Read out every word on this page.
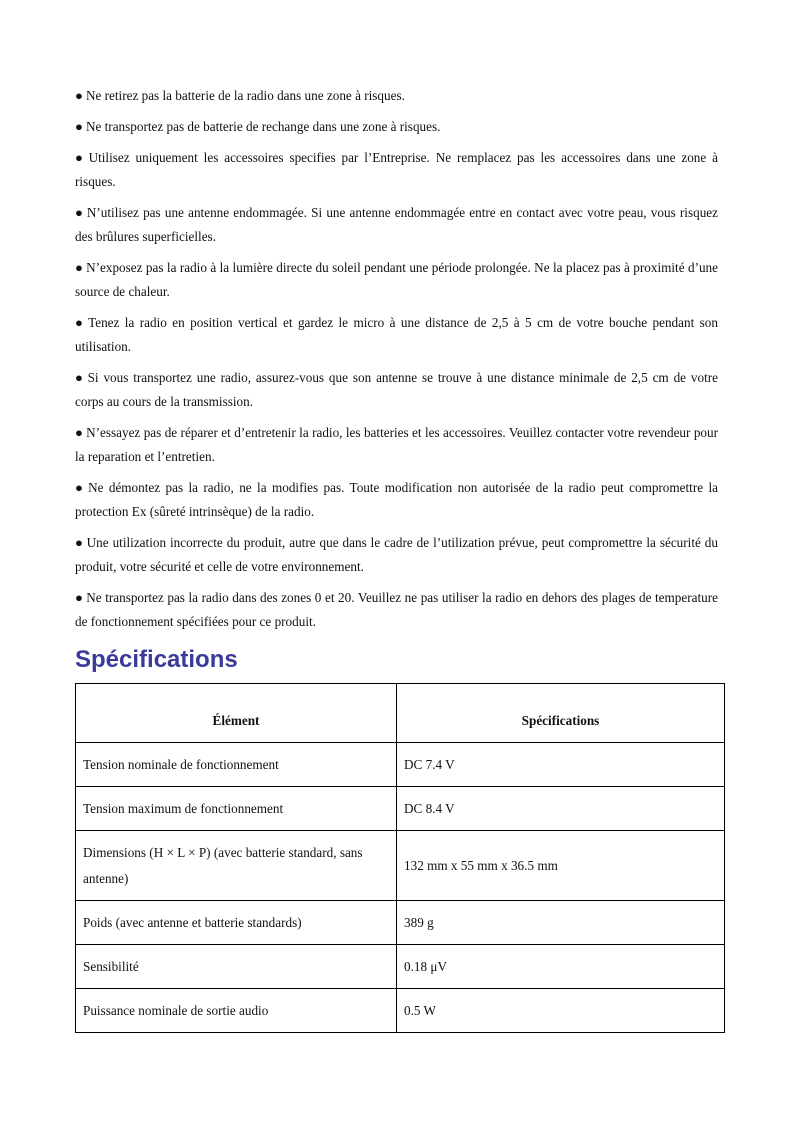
● Ne retirez pas la batterie de la radio dans une zone à risques.

● Ne transportez pas de batterie de rechange dans une zone à risques.

● Utilisez uniquement les accessoires specifies par l’Entreprise. Ne remplacez pas les accessoires dans une zone à risques.

● N’utilisez pas une antenne endommagée. Si une antenne endommagée entre en contact avec votre peau, vous risquez des brûlures superficielles.

● N’exposez pas la radio à la lumière directe du soleil pendant une période prolongée. Ne la placez pas à proximité d’une source de chaleur.

● Tenez la radio en position vertical et gardez le micro à une distance de 2,5 à 5 cm de votre bouche pendant son utilisation.

● Si vous transportez une radio, assurez-vous que son antenne se trouve à une distance minimale de 2,5 cm de votre corps au cours de la transmission.

● N’essayez pas de réparer et d’entretenir la radio, les batteries et les accessoires. Veuillez contacter votre revendeur pour la reparation et l’entretien.

● Ne démontez pas la radio, ne la modifies pas. Toute modification non autorisée de la radio peut compromettre la protection Ex (sûreté intrinsèque) de la radio.

● Une utilization incorrecte du produit, autre que dans le cadre de l’utilization prévue, peut compromettre la sécurité du produit, votre sécurité et celle de votre environnement.

● Ne transportez pas la radio dans des zones 0 et 20. Veuillez ne pas utiliser la radio en dehors des plages de temperature de fonctionnement spécifiées pour ce produit.

Spécifications
Élément	Spécifications
Tension nominale de fonctionnement	DC 7.4 V
Tension maximum de fonctionnement	DC 8.4 V
Dimensions (H × L × P) (avec batterie standard, sans antenne)	132 mm x 55 mm x 36.5 mm
Poids (avec antenne et batterie standards)	389 g
Sensibilité	0.18 μV
Puissance nominale de sortie audio	0.5 W
